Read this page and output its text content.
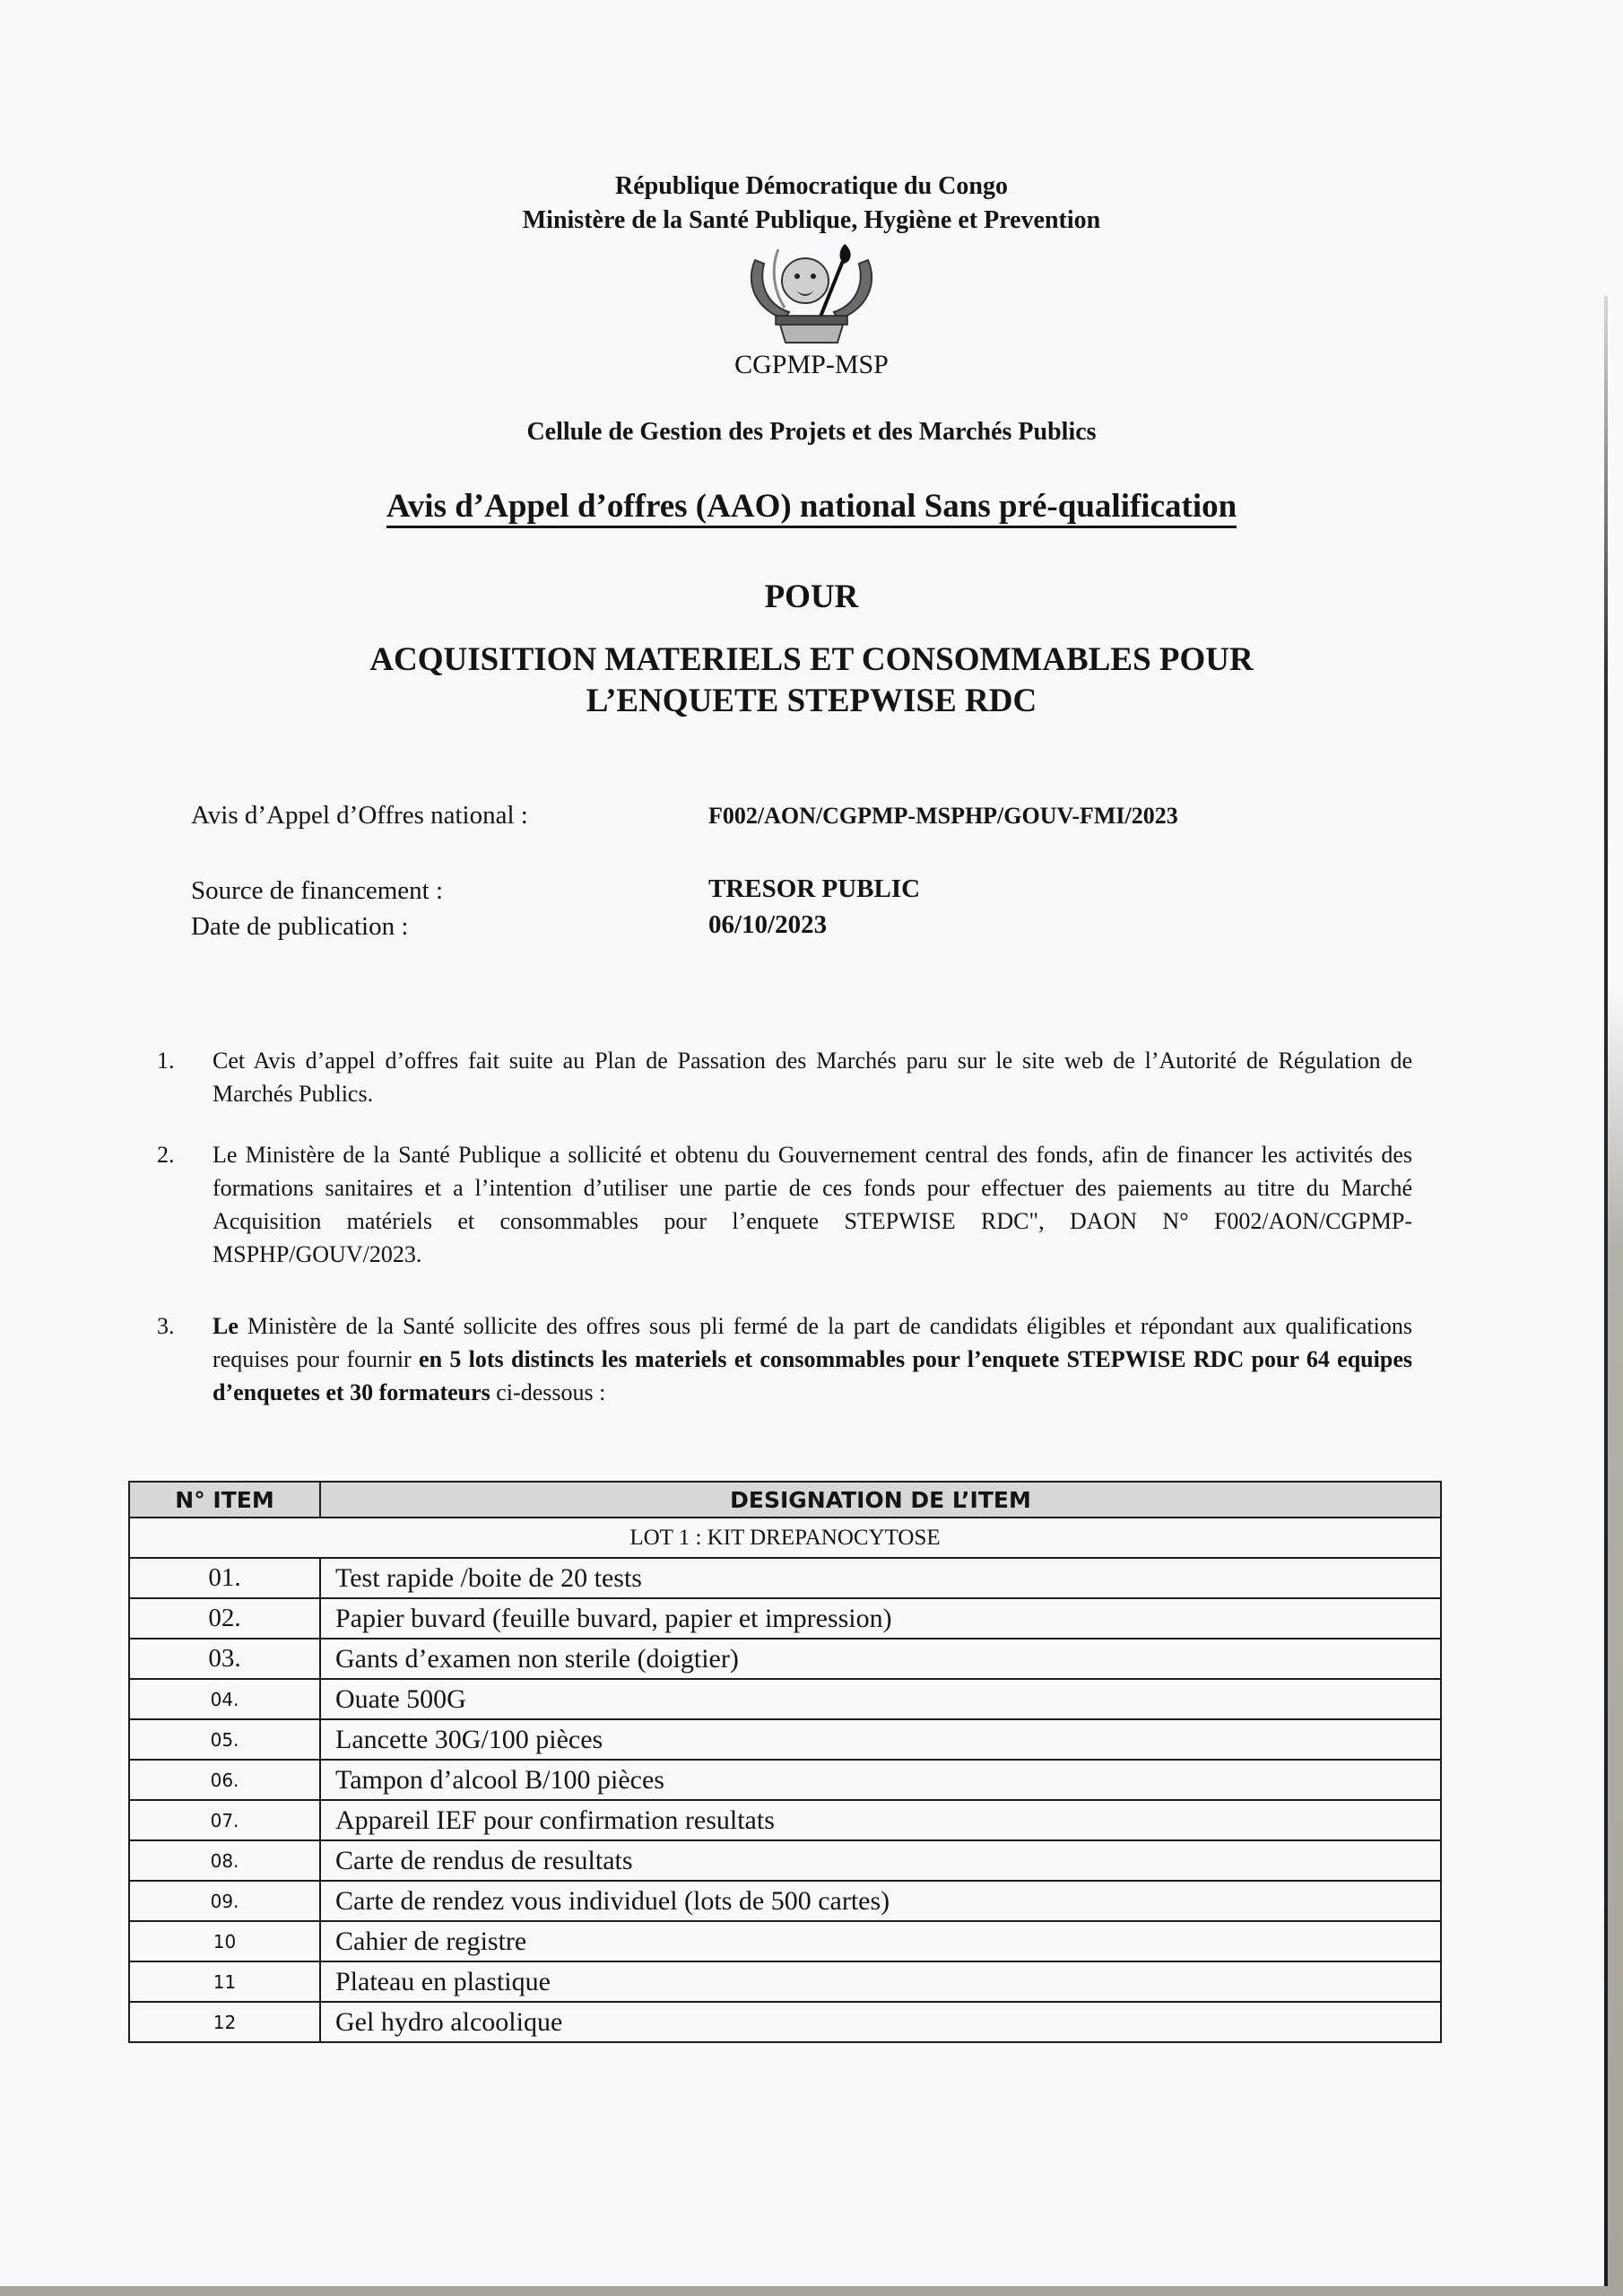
République Démocratique du Congo
Ministère de la Santé Publique, Hygiène et Prevention
CGPMP-MSP
Cellule de Gestion des Projets et des Marchés Publics
Avis d’Appel d’offres (AAO) national Sans pré-qualification
POUR
ACQUISITION MATERIELS ET CONSOMMABLES POUR
L’ENQUETE STEPWISE RDC
Avis d’Appel d’Offres national :	F002/AON/CGPMP-MSPHP/GOUV-FMI/2023
Source de financement :	TRESOR PUBLIC
Date de publication :	06/10/2023
1. Cet Avis d’appel d’offres fait suite au Plan de Passation des Marchés paru sur le site web de l’Autorité de Régulation de Marchés Publics.
2. Le Ministère de la Santé Publique a sollicité et obtenu du Gouvernement central des fonds, afin de financer les activités des formations sanitaires et a l’intention d’utiliser une partie de ces fonds pour effectuer des paiements au titre du Marché Acquisition matériels et consommables pour l’enquete STEPWISE RDC", DAON N° F002/AON/CGPMP-MSPHP/GOUV/2023.
3. Le Ministère de la Santé sollicite des offres sous pli fermé de la part de candidats éligibles et répondant aux qualifications requises pour fournir en 5 lots distincts les materiels et consommables pour l’enquete STEPWISE RDC pour 64 equipes d’enquetes et 30 formateurs ci-dessous :
N° ITEM	DESIGNATION DE L’ITEM
LOT 1 : KIT DREPANOCYTOSE	
01.	Test rapide /boite de 20 tests
02.	Papier buvard (feuille buvard, papier et impression)
03.	Gants d’examen non sterile (doigtier)
04.	Ouate 500G
05.	Lancette 30G/100 pièces
06.	Tampon d’alcool B/100 pièces
07.	Appareil IEF pour confirmation resultats
08.	Carte de rendus de resultats
09.	Carte de rendez vous individuel (lots de 500 cartes)
10	Cahier de registre
11	Plateau en plastique
12	Gel hydro alcoolique
